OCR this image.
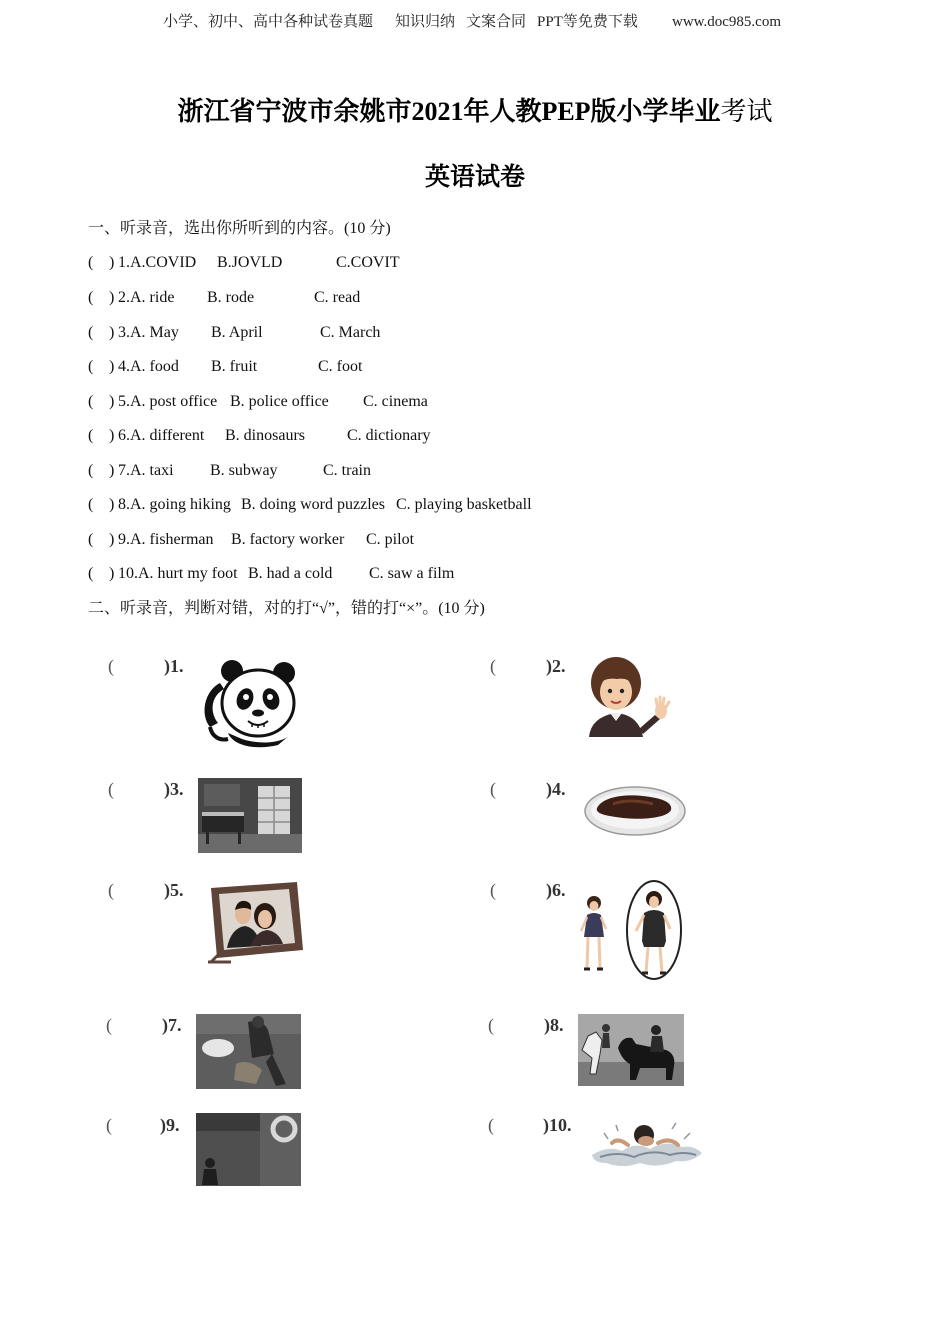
小学、初中、高中各种试卷真题 知识归纳 文案合同 PPT等免费下载 www.doc985.com
浙江省宁波市余姚市2021年人教PEP版小学毕业考试
英语试卷
一、听录音，选出你所听到的内容。(10 分)
( ) 1.A.COVID B.JOVLD	C.COVIT
( ) 2.A. ride B. rode	C. read
( ) 3.A. May B. April	C. March
( ) 4.A. food B. fruit	C. foot
( ) 5.A. post office B. police office C. cinema
( ) 6.A. different B. dinosaurs	C. dictionary
( ) 7.A. taxi B. subway	C. train
( ) 8.A. going hiking B. doing word puzzles C. playing basketball
( ) 9.A. fisherman B. factory worker C. pilot
( ) 10.A. hurt my foot B. had a cold C. saw a film
二、听录音，判断对错，对的打“√”，错的打“×”。(10 分)
(	)1.	(	)2.
(	)3.	(	)4.
(	)5.	(	)6.
(	)7.	(	)8.
(	)9.	(	)10.
